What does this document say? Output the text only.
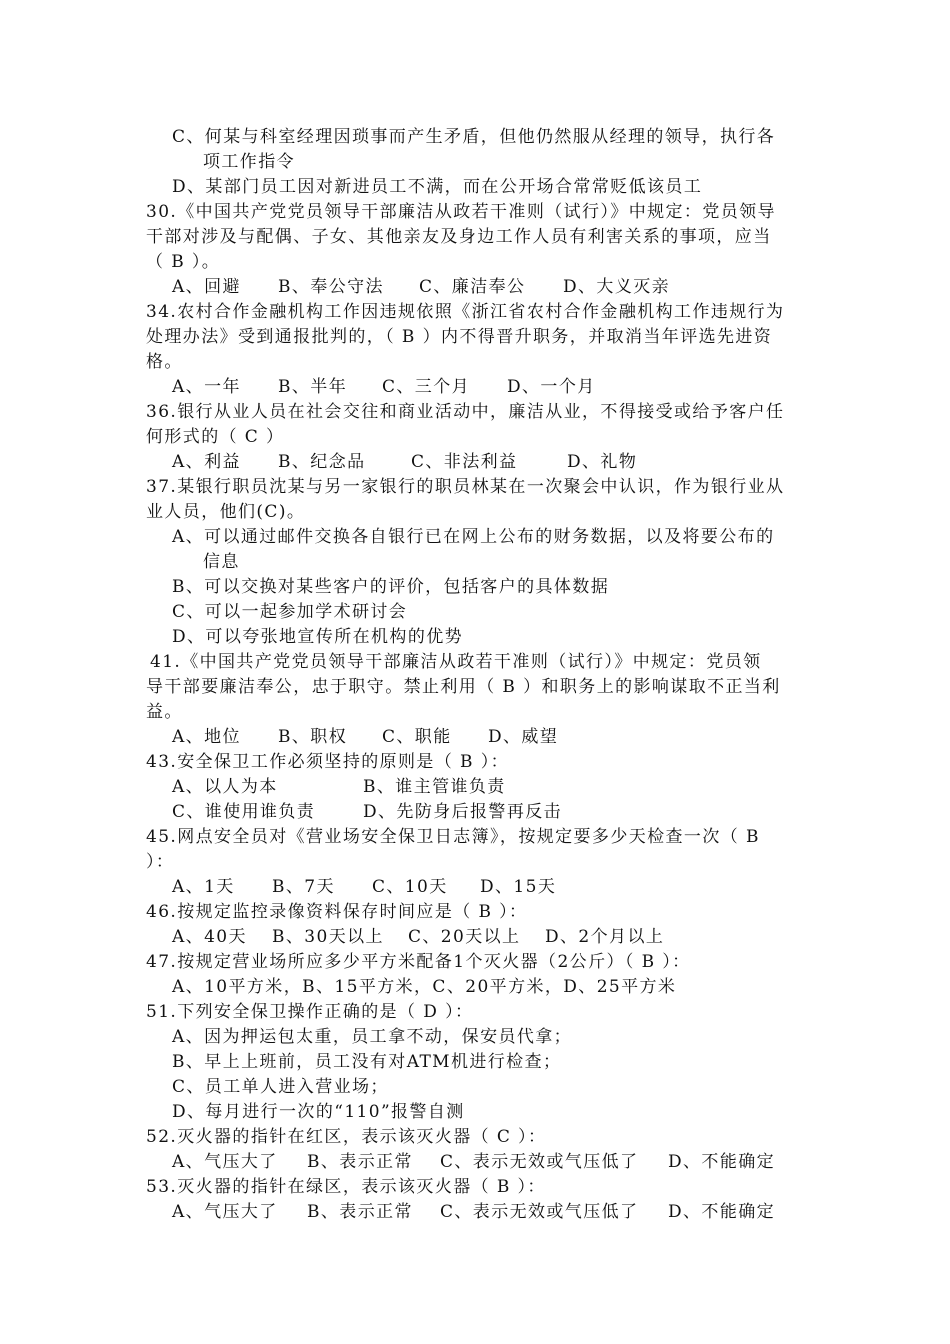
C、何某与科室经理因琐事而产生矛盾，但他仍然服从经理的领导，执行各
项工作指令
D、某部门员工因对新进员工不满，而在公开场合常常贬低该员工
30.《中国共产党党员领导干部廉洁从政若干准则（试行）》中规定：党员领导
干部对涉及与配偶、子女、其他亲友及身边工作人员有利害关系的事项，应当
（ B ）。
A、回避 B、奉公守法 C、廉洁奉公 D、大义灭亲
34.农村合作金融机构工作因违规依照《浙江省农村合作金融机构工作违规行为
处理办法》受到通报批判的，（ B ）内不得晋升职务，并取消当年评选先进资
格。
A、一年 B、半年 C、三个月 D、一个月
36.银行从业人员在社会交往和商业活动中，廉洁从业，不得接受或给予客户任
何形式的（ C ）
A、利益 B、纪念品	C、非法利益	D、礼物
37.某银行职员沈某与另一家银行的职员林某在一次聚会中认识，作为银行业从
业人员，他们(C)。
A、可以通过邮件交换各自银行已在网上公布的财务数据，以及将要公布的
信息
B、可以交换对某些客户的评价，包括客户的具体数据
C、可以一起参加学术研讨会
D、可以夸张地宣传所在机构的优势
41.《中国共产党党员领导干部廉洁从政若干准则（试行）》中规定：党员领
导干部要廉洁奉公，忠于职守。禁止利用（ B ）和职务上的影响谋取不正当利
益。
A、地位 B、职权 C、职能 D、威望
43.安全保卫工作必须坚持的原则是（ B ）：
A、以人为本	B、谁主管谁负责
C、谁使用谁负责	D、先防身后报警再反击
45.网点安全员对《营业场安全保卫日志簿》，按规定要多少天检查一次（ B
）：
A、1天 B、7天 C、10天 D、15天
46.按规定监控录像资料保存时间应是（ B ）：
A、40天 B、30天以上 C、20天以上 D、2个月以上
47.按规定营业场所应多少平方米配备1个灭火器（2公斤）（ B ）：
A、10平方米，B、15平方米，C、20平方米，D、25平方米
51.下列安全保卫操作正确的是（ D ）：
A、因为押运包太重，员工拿不动，保安员代拿；
B、早上上班前，员工没有对ATM机进行检查；
C、员工单人进入营业场；
D、每月进行一次的“110”报警自测
52.灭火器的指针在红区，表示该灭火器（ C ）：
A、气压大了 B、表示正常 C、表示无效或气压低了 D、不能确定
53.灭火器的指针在绿区，表示该灭火器（ B ）：
A、气压大了 B、表示正常 C、表示无效或气压低了 D、不能确定
